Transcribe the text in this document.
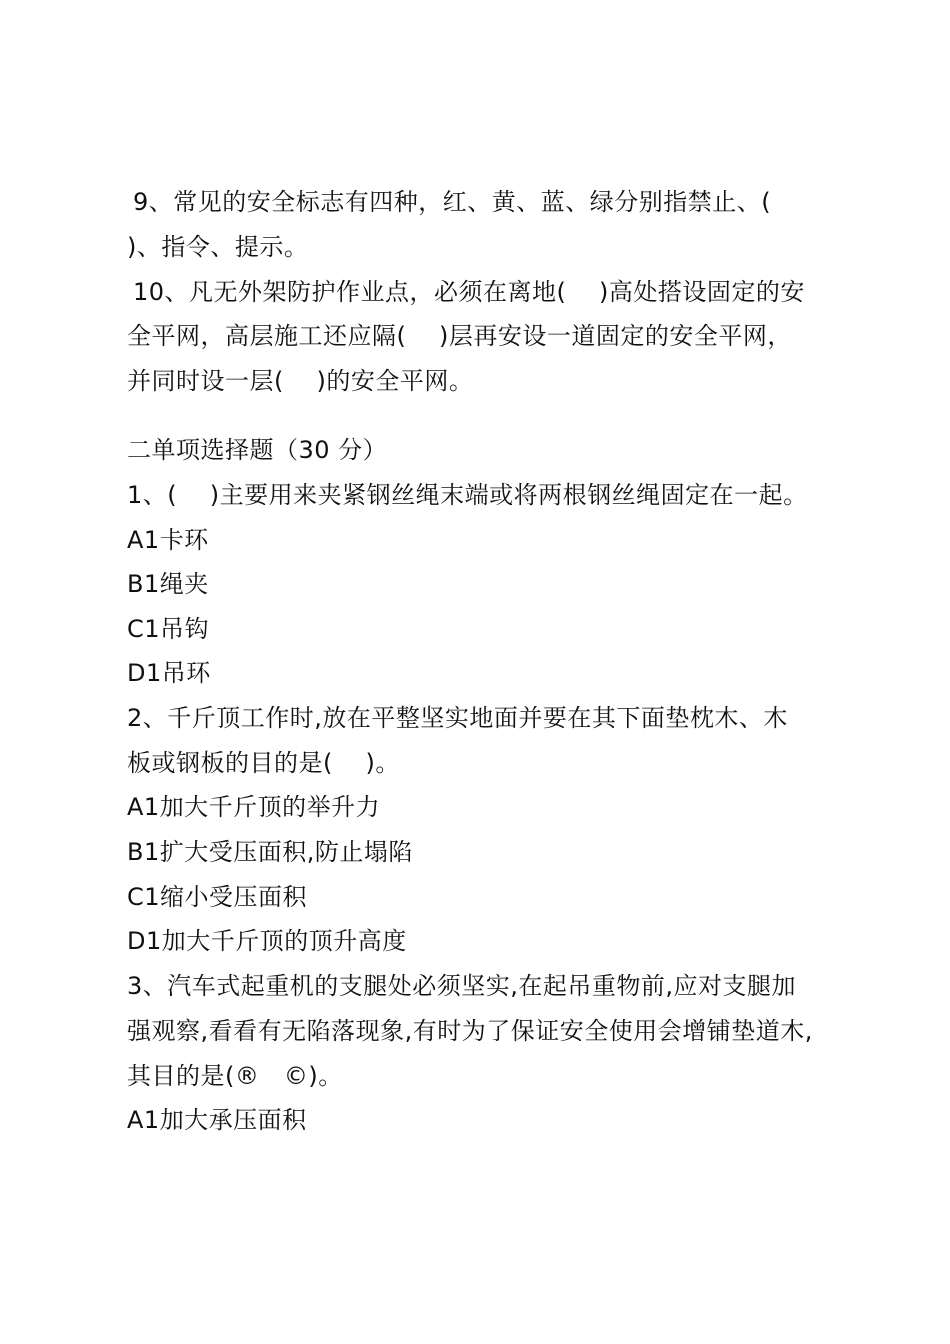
9、常见的安全标志有四种，红、黄、蓝、绿分别指禁止、(
)、指令、提示。
10、凡无外架防护作业点，必须在离地(　 )高处搭设固定的安
全平网，高层施工还应隔(　 )层再安设一道固定的安全平网，
并同时设一层(　 )的安全平网。
二单项选择题（30 分）
1、(　 )主要用来夹紧钢丝绳末端或将两根钢丝绳固定在一起。
A1卡环
B1绳夹
C1吊钩
D1吊环
2、千斤顶工作时,放在平整坚实地面并要在其下面垫枕木、木
板或钢板的目的是(　 )。
A1加大千斤顶的举升力
B1扩大受压面积,防止塌陷
C1缩小受压面积
D1加大千斤顶的顶升高度
3、汽车式起重机的支腿处必须坚实,在起吊重物前,应对支腿加
强观察,看看有无陷落现象,有时为了保证安全使用会增铺垫道木,
其目的是(®　©)。
A1加大承压面积
